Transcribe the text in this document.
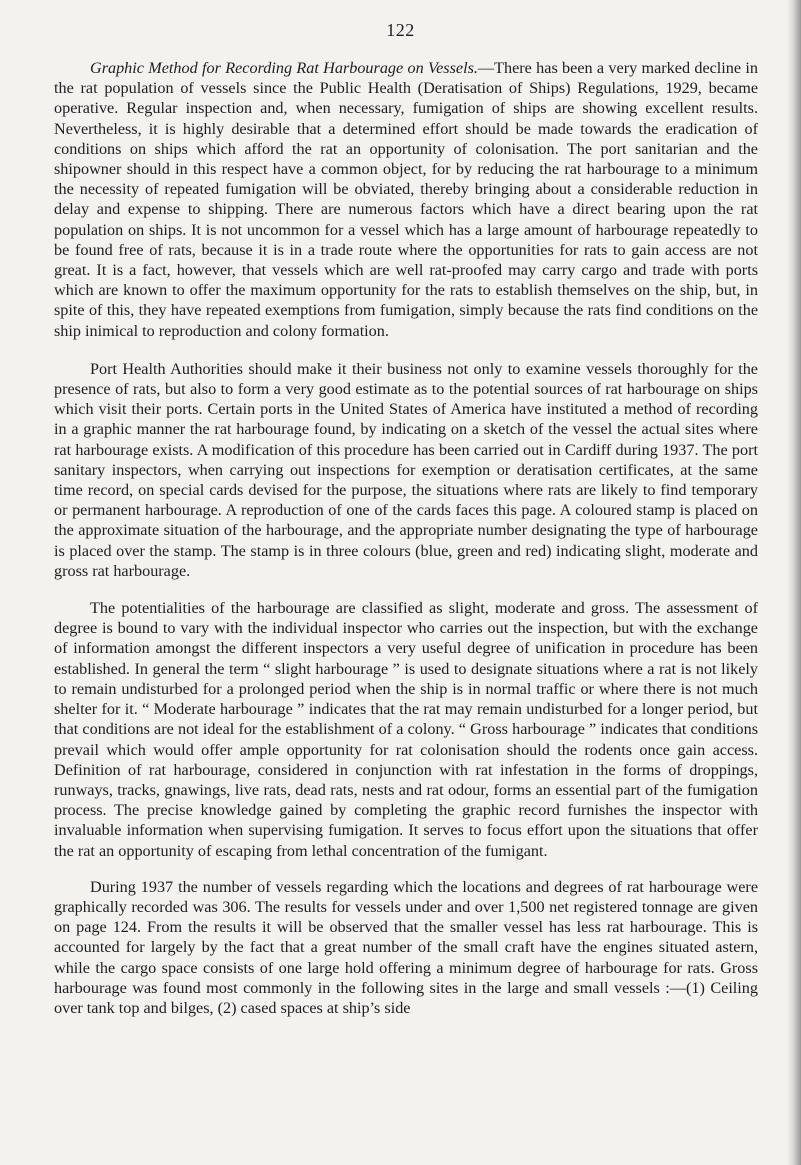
122

Graphic Method for Recording Rat Harbourage on Vessels.—There has been a very marked decline in the rat population of vessels since the Public Health (Deratisation of Ships) Regulations, 1929, became operative. Regular inspection and, when necessary, fumigation of ships are showing excellent results. Nevertheless, it is highly desirable that a determined effort should be made towards the eradication of conditions on ships which afford the rat an opportunity of colonisation. The port sanitarian and the shipowner should in this respect have a common object, for by reducing the rat harbourage to a minimum the necessity of repeated fumigation will be obviated, thereby bringing about a considerable reduction in delay and expense to shipping. There are numerous factors which have a direct bearing upon the rat population on ships. It is not uncommon for a vessel which has a large amount of harbourage repeatedly to be found free of rats, because it is in a trade route where the opportunities for rats to gain access are not great. It is a fact, however, that vessels which are well rat-proofed may carry cargo and trade with ports which are known to offer the maximum opportunity for the rats to establish themselves on the ship, but, in spite of this, they have repeated exemptions from fumigation, simply because the rats find conditions on the ship inimical to reproduction and colony formation.

Port Health Authorities should make it their business not only to examine vessels thoroughly for the presence of rats, but also to form a very good estimate as to the potential sources of rat harbourage on ships which visit their ports. Certain ports in the United States of America have instituted a method of recording in a graphic manner the rat harbourage found, by indicating on a sketch of the vessel the actual sites where rat harbourage exists. A modification of this procedure has been carried out in Cardiff during 1937. The port sanitary inspectors, when carrying out inspections for exemption or deratisation certificates, at the same time record, on special cards devised for the purpose, the situations where rats are likely to find temporary or permanent harbourage. A reproduction of one of the cards faces this page. A coloured stamp is placed on the approximate situation of the harbourage, and the appropriate number designating the type of harbourage is placed over the stamp. The stamp is in three colours (blue, green and red) indicating slight, moderate and gross rat harbourage.

The potentialities of the harbourage are classified as slight, moderate and gross. The assessment of degree is bound to vary with the individual inspector who carries out the inspection, but with the exchange of information amongst the different inspectors a very useful degree of unification in procedure has been established. In general the term “ slight harbourage ” is used to designate situations where a rat is not likely to remain undisturbed for a prolonged period when the ship is in normal traffic or where there is not much shelter for it. “ Moderate harbourage ” indicates that the rat may remain undisturbed for a longer period, but that conditions are not ideal for the establishment of a colony. “ Gross harbourage ” indicates that conditions prevail which would offer ample opportunity for rat colonisation should the rodents once gain access. Definition of rat harbourage, considered in conjunction with rat infestation in the forms of droppings, runways, tracks, gnawings, live rats, dead rats, nests and rat odour, forms an essential part of the fumigation process. The precise knowledge gained by completing the graphic record furnishes the inspector with invaluable information when supervising fumigation. It serves to focus effort upon the situations that offer the rat an opportunity of escaping from lethal concentration of the fumigant.

During 1937 the number of vessels regarding which the locations and degrees of rat harbourage were graphically recorded was 306. The results for vessels under and over 1,500 net registered tonnage are given on page 124. From the results it will be observed that the smaller vessel has less rat harbourage. This is accounted for largely by the fact that a great number of the small craft have the engines situated astern, while the cargo space consists of one large hold offering a minimum degree of harbourage for rats. Gross harbourage was found most commonly in the following sites in the large and small vessels :—(1) Ceiling over tank top and bilges, (2) cased spaces at ship’s side
